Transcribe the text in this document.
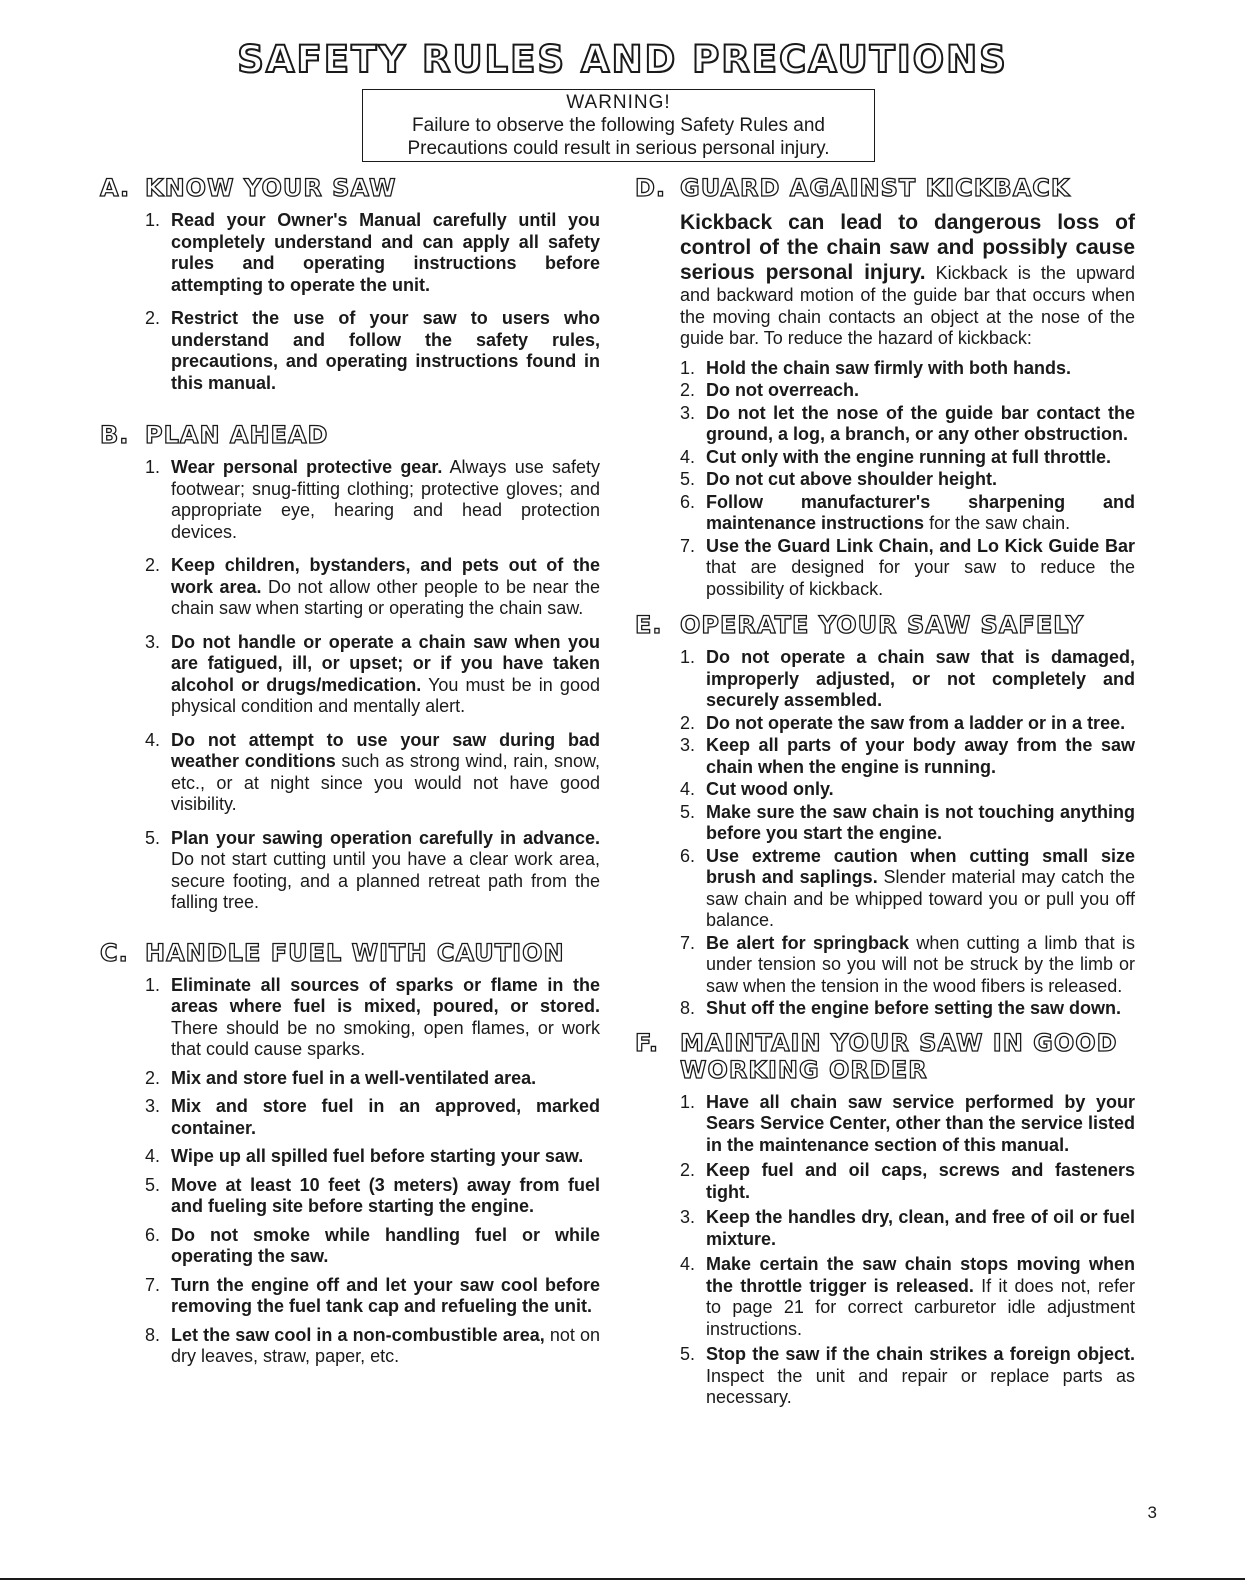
SAFETY RULES AND PRECAUTIONS
WARNING!
Failure to observe the following Safety Rules and
Precautions could result in serious personal injury.
A. KNOW YOUR SAW
1. Read your Owner's Manual carefully until you completely understand and can apply all safety rules and operating instructions before attempting to operate the unit.
2. Restrict the use of your saw to users who understand and follow the safety rules, precautions, and operating instructions found in this manual.
B. PLAN AHEAD
1. Wear personal protective gear. Always use safety footwear; snug-fitting clothing; protective gloves; and appropriate eye, hearing and head protection devices.
2. Keep children, bystanders, and pets out of the work area. Do not allow other people to be near the chain saw when starting or operating the chain saw.
3. Do not handle or operate a chain saw when you are fatigued, ill, or upset; or if you have taken alcohol or drugs/medication. You must be in good physical condition and mentally alert.
4. Do not attempt to use your saw during bad weather conditions such as strong wind, rain, snow, etc., or at night since you would not have good visibility.
5. Plan your sawing operation carefully in advance. Do not start cutting until you have a clear work area, secure footing, and a planned retreat path from the falling tree.
C. HANDLE FUEL WITH CAUTION
1. Eliminate all sources of sparks or flame in the areas where fuel is mixed, poured, or stored. There should be no smoking, open flames, or work that could cause sparks.
2. Mix and store fuel in a well-ventilated area.
3. Mix and store fuel in an approved, marked container.
4. Wipe up all spilled fuel before starting your saw.
5. Move at least 10 feet (3 meters) away from fuel and fueling site before starting the engine.
6. Do not smoke while handling fuel or while operating the saw.
7. Turn the engine off and let your saw cool before removing the fuel tank cap and refueling the unit.
8. Let the saw cool in a non-combustible area, not on dry leaves, straw, paper, etc.
D. GUARD AGAINST KICKBACK
Kickback can lead to dangerous loss of control of the chain saw and possibly cause serious personal injury. Kickback is the upward and backward motion of the guide bar that occurs when the moving chain contacts an object at the nose of the guide bar. To reduce the hazard of kickback:
1. Hold the chain saw firmly with both hands.
2. Do not overreach.
3. Do not let the nose of the guide bar contact the ground, a log, a branch, or any other obstruction.
4. Cut only with the engine running at full throttle.
5. Do not cut above shoulder height.
6. Follow manufacturer's sharpening and maintenance instructions for the saw chain.
7. Use the Guard Link Chain, and Lo Kick Guide Bar that are designed for your saw to reduce the possibility of kickback.
E. OPERATE YOUR SAW SAFELY
1. Do not operate a chain saw that is damaged, improperly adjusted, or not completely and securely assembled.
2. Do not operate the saw from a ladder or in a tree.
3. Keep all parts of your body away from the saw chain when the engine is running.
4. Cut wood only.
5. Make sure the saw chain is not touching anything before you start the engine.
6. Use extreme caution when cutting small size brush and saplings. Slender material may catch the saw chain and be whipped toward you or pull you off balance.
7. Be alert for springback when cutting a limb that is under tension so you will not be struck by the limb or saw when the tension in the wood fibers is released.
8. Shut off the engine before setting the saw down.
F. MAINTAIN YOUR SAW IN GOOD WORKING ORDER
1. Have all chain saw service performed by your Sears Service Center, other than the service listed in the maintenance section of this manual.
2. Keep fuel and oil caps, screws and fasteners tight.
3. Keep the handles dry, clean, and free of oil or fuel mixture.
4. Make certain the saw chain stops moving when the throttle trigger is released. If it does not, refer to page 21 for correct carburetor idle adjustment instructions.
5. Stop the saw if the chain strikes a foreign object. Inspect the unit and repair or replace parts as necessary.
3
